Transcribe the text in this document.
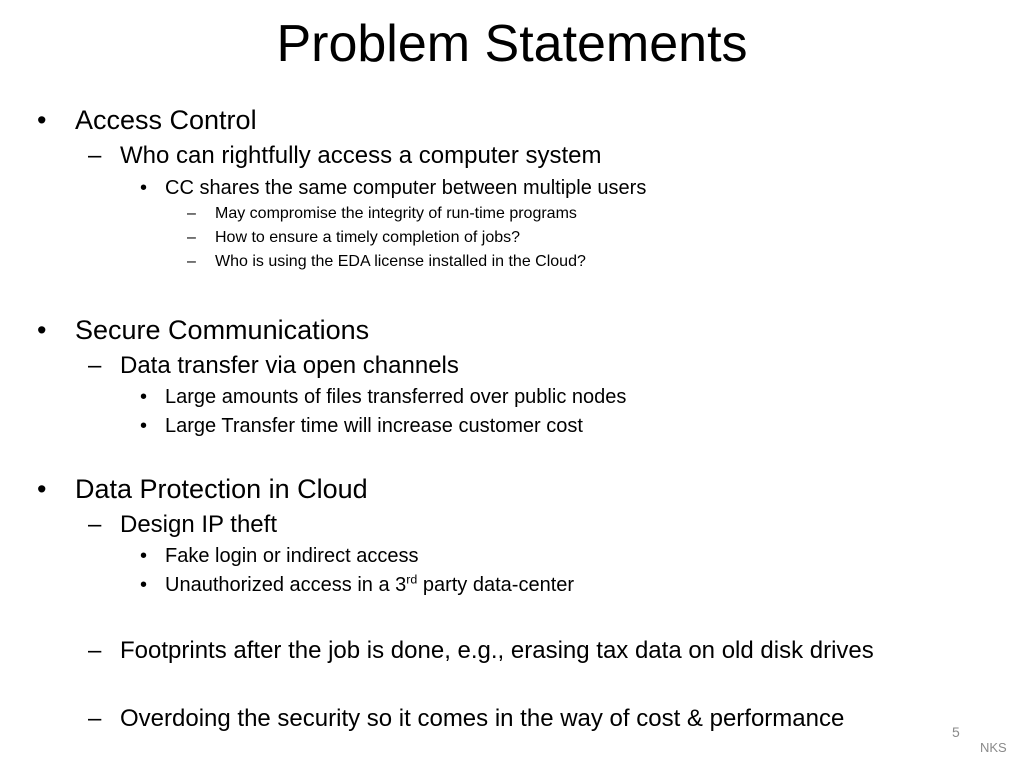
Problem Statements
• Access Control
– Who can rightfully access a computer system
• CC shares the same computer between multiple users
– May compromise the integrity of run-time programs
– How to ensure a timely completion of jobs?
– Who is using the EDA license installed in the Cloud?
• Secure Communications
– Data transfer via open channels
• Large amounts of files transferred over public nodes
• Large Transfer time will increase customer cost
• Data Protection in Cloud
– Design IP theft
• Fake login or indirect access
• Unauthorized access in a 3rd party data-center
– Footprints after the job is done, e.g., erasing tax data on old disk drives
– Overdoing the security so it comes in the way of cost & performance	5
NKS
